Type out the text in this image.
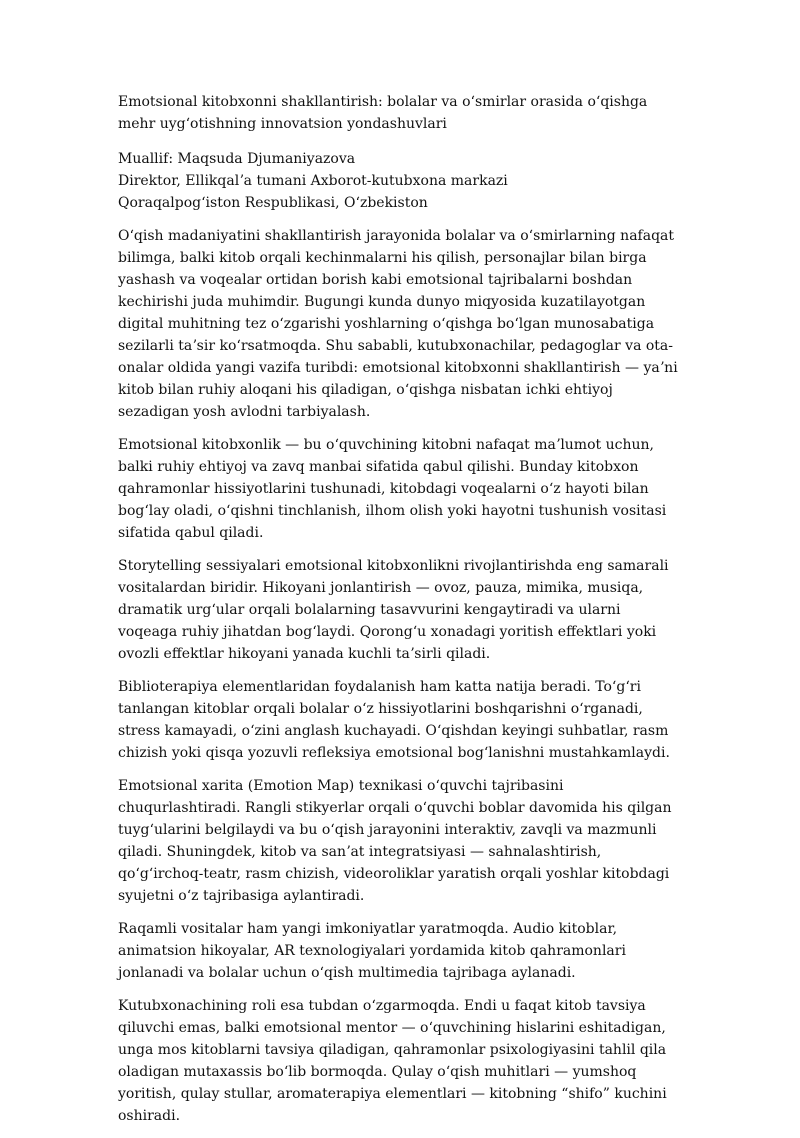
Emotsional kitobxonni shakllantirish: bolalar va oʻsmirlar orasida oʻqishga mehr uygʻotishning innovatsion yondashuvlari

Muallif: Maqsuda Djumaniyazova
Direktor, Ellikqalʼa tumani Axborot-kutubxona markazi
Qoraqalpogʻiston Respublikasi, Oʻzbekiston

Oʻqish madaniyatini shakllantirish jarayonida bolalar va oʻsmirlarning nafaqat bilimga, balki kitob orqali kechinmalarni his qilish, personajlar bilan birga yashash va voqealar ortidan borish kabi emotsional tajribalarni boshdan kechirishi juda muhimdir. Bugungi kunda dunyo miqyosida kuzatilayotgan digital muhitning tez oʻzgarishi yoshlarning oʻqishga boʻlgan munosabatiga sezilarli taʼsir koʻrsatmoqda. Shu sababli, kutubxonachilar, pedagoglar va ota-onalar oldida yangi vazifa turibdi: emotsional kitobxonni shakllantirish — yaʼni kitob bilan ruhiy aloqani his qiladigan, oʻqishga nisbatan ichki ehtiyoj sezadigan yosh avlodni tarbiyalash.

Emotsional kitobxonlik — bu oʻquvchining kitobni nafaqat maʼlumot uchun, balki ruhiy ehtiyoj va zavq manbai sifatida qabul qilishi. Bunday kitobxon qahramonlar hissiyotlarini tushunadi, kitobdagi voqealarni oʻz hayoti bilan bogʻlay oladi, oʻqishni tinchlanish, ilhom olish yoki hayotni tushunish vositasi sifatida qabul qiladi.

Storytelling sessiyalari emotsional kitobxonlikni rivojlantirishda eng samarali vositalardan biridir. Hikoyani jonlantirish — ovoz, pauza, mimika, musiqa, dramatik urgʻular orqali bolalarning tasavvurini kengaytiradi va ularni voqeaga ruhiy jihatdan bogʻlaydi. Qorongʻu xonadagi yoritish effektlari yoki ovozli effektlar hikoyani yanada kuchli taʼsirli qiladi.

Biblioterapiya elementlaridan foydalanish ham katta natija beradi. Toʻgʻri tanlangan kitoblar orqali bolalar oʻz hissiyotlarini boshqarishni oʻrganadi, stress kamayadi, oʻzini anglash kuchayadi. Oʻqishdan keyingi suhbatlar, rasm chizish yoki qisqa yozuvli refleksiya emotsional bogʻlanishni mustahkamlaydi.

Emotsional xarita (Emotion Map) texnikasi oʻquvchi tajribasini chuqurlashtiradi. Rangli stikyerlar orqali oʻquvchi boblar davomida his qilgan tuygʻularini belgilaydi va bu oʻqish jarayonini interaktiv, zavqli va mazmunli qiladi. Shuningdek, kitob va sanʼat integratsiyasi — sahnalashtirish, qoʻgʻirchoq-teatr, rasm chizish, videoroliklar yaratish orqali yoshlar kitobdagi syujetni oʻz tajribasiga aylantiradi.

Raqamli vositalar ham yangi imkoniyatlar yaratmoqda. Audio kitoblar, animatsion hikoyalar, AR texnologiyalari yordamida kitob qahramonlari jonlanadi va bolalar uchun oʻqish multimedia tajribaga aylanadi.

Kutubxonachining roli esa tubdan oʻzgarmoqda. Endi u faqat kitob tavsiya qiluvchi emas, balki emotsional mentor — oʻquvchining hislarini eshitadigan, unga mos kitoblarni tavsiya qiladigan, qahramonlar psixologiyasini tahlil qila oladigan mutaxassis boʻlib bormoqda. Qulay oʻqish muhitlari — yumshoq yoritish, qulay stullar, aromaterapiya elementlari — kitobning “shifo” kuchini oshiradi.
